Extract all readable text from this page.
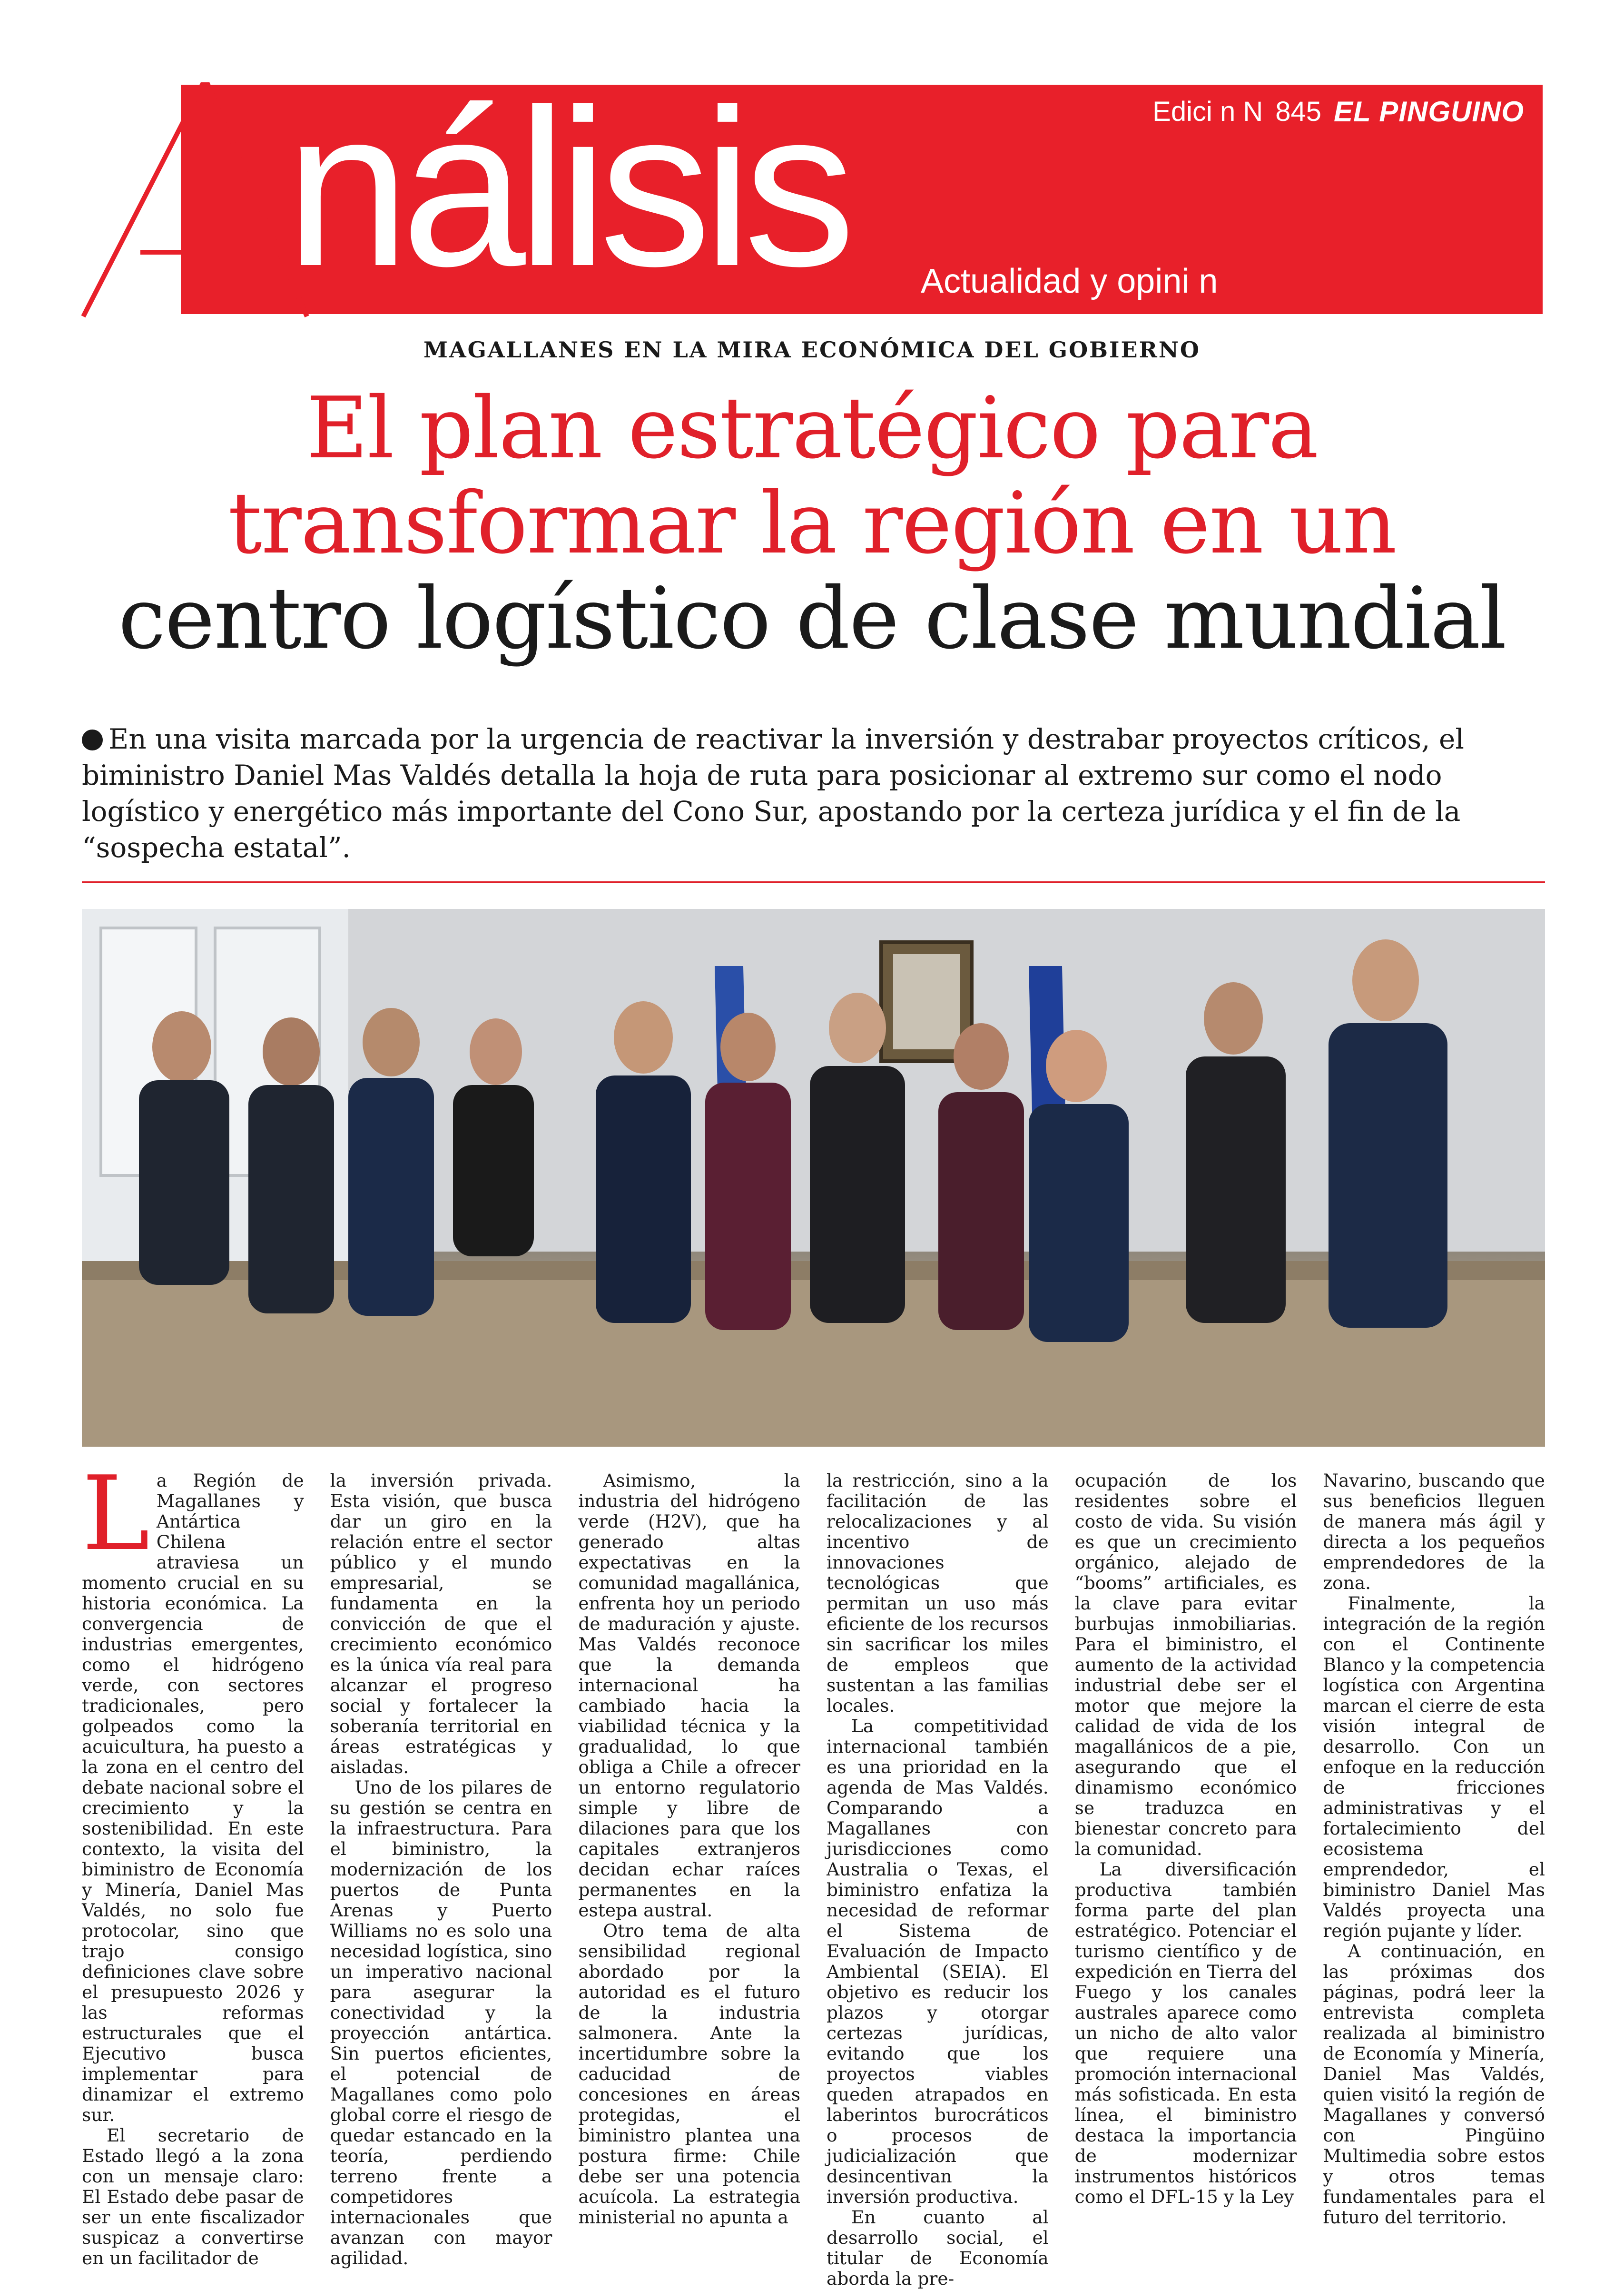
nálisis	Edici n N 845 EL PINGUINO
Actualidad y opini n
MAGALLANES EN LA MIRA ECONÓMICA DEL GOBIERNO
El plan estratégico para
transformar la región en un
centro logístico de clase mundial
En una visita marcada por la urgencia de reactivar la inversión y destrabar proyectos críticos, el biministro Daniel Mas Valdés detalla la hoja de ruta para posicionar al extremo sur como el nodo logístico y energético más importante del Cono Sur, apostando por la certeza jurídica y el fin de la “sospecha estatal”.

La Región de Magallanes y Antártica Chilena atraviesa un momento crucial en su historia económica. La convergencia de industrias emergentes, como el hidrógeno verde, con sectores tradicionales, pero golpeados como la acuicultura, ha puesto a la zona en el centro del debate nacional sobre el crecimiento y la sostenibilidad. En este contexto, la visita del biministro de Economía y Minería, Daniel Mas Valdés, no solo fue protocolar, sino que trajo consigo definiciones clave sobre el presupuesto 2026 y las reformas estructurales que el Ejecutivo busca implementar para dinamizar el extremo sur.

El secretario de Estado llegó a la zona con un mensaje claro: El Estado debe pasar de ser un ente fiscalizador suspicaz a convertirse en un facilitador de

la inversión privada. Esta visión, que busca dar un giro en la relación entre el sector público y el mundo empresarial, se fundamenta en la convicción de que el crecimiento económico es la única vía real para alcanzar el progreso social y fortalecer la soberanía territorial en áreas estratégicas y aisladas.

Uno de los pilares de su gestión se centra en la infraestructura. Para el biministro, la modernización de los puertos de Punta Arenas y Puerto Williams no es solo una necesidad logística, sino un imperativo nacional para asegurar la conectividad y la proyección antártica. Sin puertos eficientes, el potencial de Magallanes como polo global corre el riesgo de quedar estancado en la teoría, perdiendo terreno frente a competidores internacionales que avanzan con mayor agilidad.

Asimismo, la industria del hidrógeno verde (H2V), que ha generado altas expectativas en la comunidad magallánica, enfrenta hoy un periodo de maduración y ajuste. Mas Valdés reconoce que la demanda internacional ha cambiado hacia la viabilidad técnica y la gradualidad, lo que obliga a Chile a ofrecer un entorno regulatorio simple y libre de dilaciones para que los capitales extranjeros decidan echar raíces permanentes en la estepa austral.

Otro tema de alta sensibilidad regional abordado por la autoridad es el futuro de la industria salmonera. Ante la incertidumbre sobre la caducidad de concesiones en áreas protegidas, el biministro plantea una postura firme: Chile debe ser una potencia acuícola. La estrategia ministerial no apunta a

la restricción, sino a la facilitación de las relocalizaciones y al incentivo de innovaciones tecnológicas que permitan un uso más eficiente de los recursos sin sacrificar los miles de empleos que sustentan a las familias locales.

La competitividad internacional también es una prioridad en la agenda de Mas Valdés. Comparando a Magallanes con jurisdicciones como Australia o Texas, el biministro enfatiza la necesidad de reformar el Sistema de Evaluación de Impacto Ambiental (SEIA). El objetivo es reducir los plazos y otorgar certezas jurídicas, evitando que los proyectos viables queden atrapados en laberintos burocráticos o procesos de judicialización que desincentivan la inversión productiva.

En cuanto al desarrollo social, el titular de Economía aborda la pre-

ocupación de los residentes sobre el costo de vida. Su visión es que un crecimiento orgánico, alejado de “booms” artificiales, es la clave para evitar burbujas inmobiliarias. Para el biministro, el aumento de la actividad industrial debe ser el motor que mejore la calidad de vida de los magallánicos de a pie, asegurando que el dinamismo económico se traduzca en bienestar concreto para la comunidad.

La diversificación productiva también forma parte del plan estratégico. Potenciar el turismo científico y de expedición en Tierra del Fuego y los canales australes aparece como un nicho de alto valor que requiere una promoción internacional más sofisticada. En esta línea, el biministro destaca la importancia de modernizar instrumentos históricos como el DFL-15 y la Ley

Navarino, buscando que sus beneficios lleguen de manera más ágil y directa a los pequeños emprendedores de la zona.

Finalmente, la integración de la región con el Continente Blanco y la competencia logística con Argentina marcan el cierre de esta visión integral de desarrollo. Con un enfoque en la reducción de fricciones administrativas y el fortalecimiento del ecosistema emprendedor, el biministro Daniel Mas Valdés proyecta una región pujante y líder.

A continuación, en las próximas dos páginas, podrá leer la entrevista completa realizada al biministro de Economía y Minería, Daniel Mas Valdés, quien visitó la región de Magallanes y conversó con Pingüino Multimedia sobre estos y otros temas fundamentales para el futuro del territorio.
